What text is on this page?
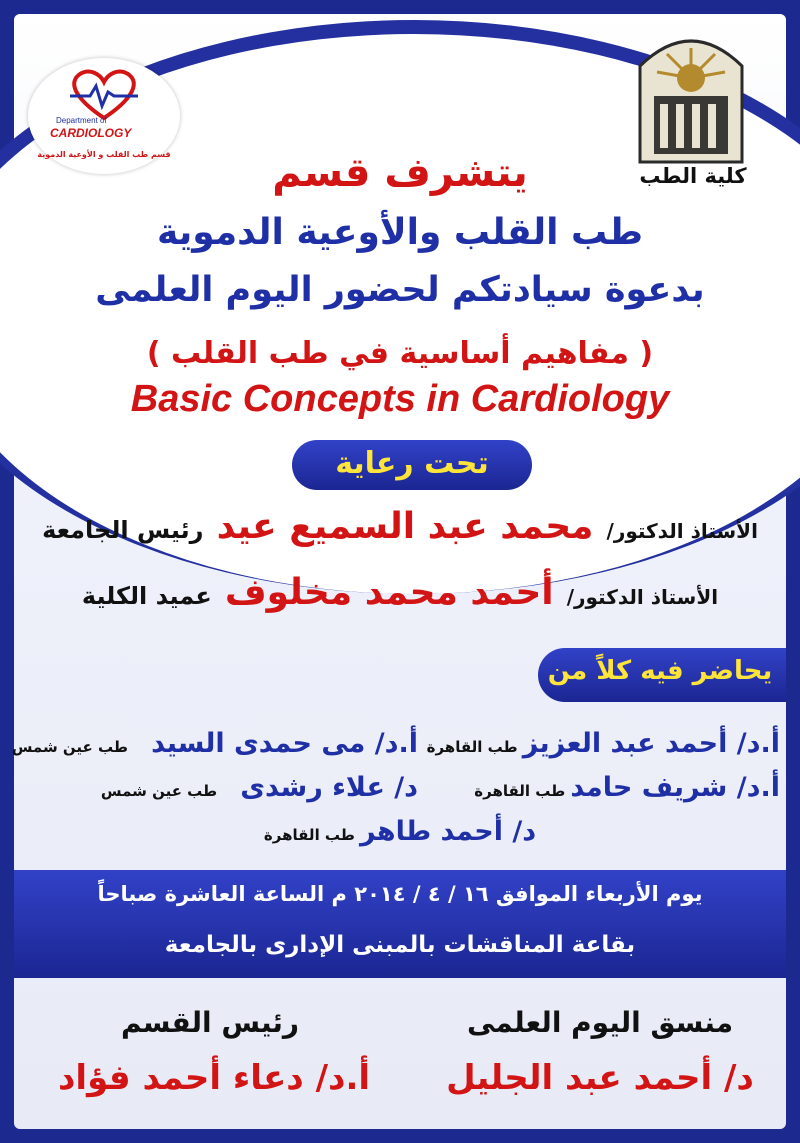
كلية الطب
Department of
CARDIOLOGY
قسم طب القلب و الأوعية الدموية	يتشرف قسم
طب القلب والأوعية الدموية
بدعوة سيادتكم لحضور اليوم العلمى
( مفاهيم أساسية في طب القلب )
Basic Concepts in Cardiology
تحت رعاية
الأستاذ الدكتور/ محمد عبد السميع عيد رئيس الجامعة
الأستاذ الدكتور/ أحمد محمد مخلوف عميد الكلية
يحاضر فيه كلاً من
أ.د/ أحمد عبد العزيز طب القاهرة
أ.د/ مى حمدى السيد طب عين شمس
أ.د/ شريف حامد طب القاهرة
د/ علاء رشدى طب عين شمس
د/ أحمد طاهر طب القاهرة
يوم الأربعاء الموافق ١٦ / ٤ / ٢٠١٤ م الساعة العاشرة صباحاً
بقاعة المناقشات بالمبنى الإدارى بالجامعة
منسق اليوم العلمى
د/ أحمد عبد الجليل
رئيس القسم
أ.د/ دعاء أحمد فؤاد
